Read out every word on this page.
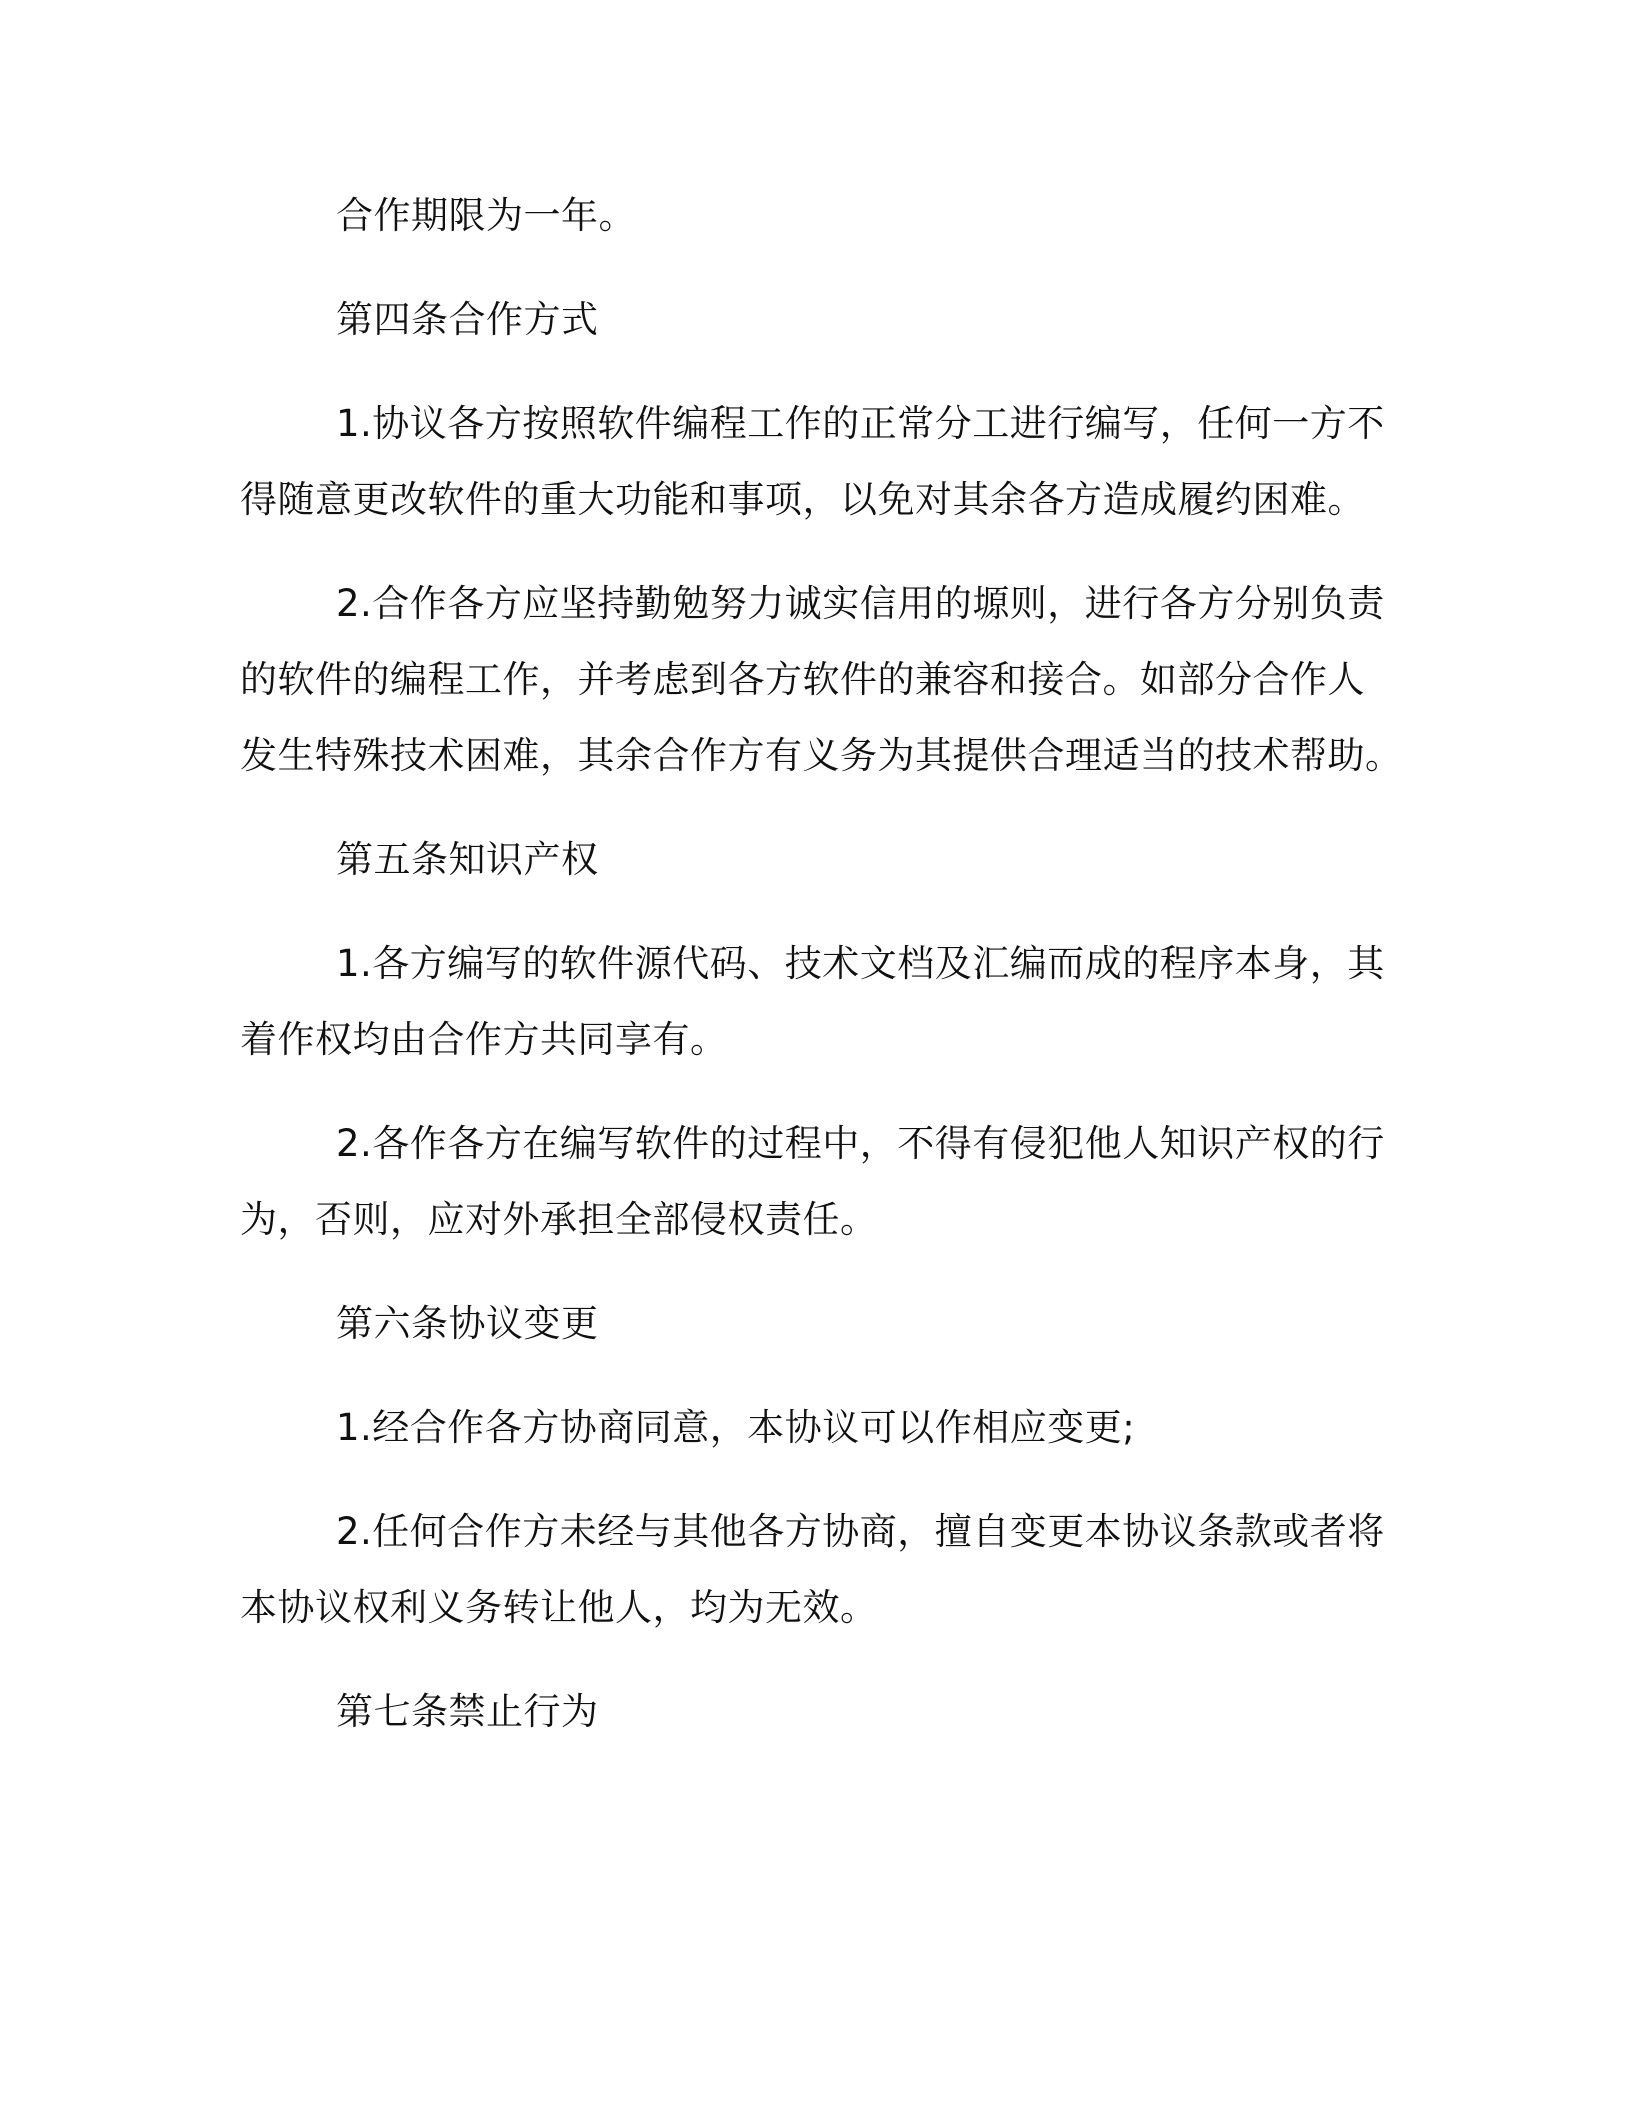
合作期限为一年。
第四条合作方式
1.协议各方按照软件编程工作的正常分工进行编写，任何一方不
得随意更改软件的重大功能和事项，以免对其余各方造成履约困难。
2.合作各方应坚持勤勉努力诚实信用的塬则，进行各方分别负责
的软件的编程工作，并考虑到各方软件的兼容和接合。如部分合作人
发生特殊技术困难，其余合作方有义务为其提供合理适当的技术帮助。
第五条知识产权
1.各方编写的软件源代码、技术文档及汇编而成的程序本身，其
着作权均由合作方共同享有。
2.各作各方在编写软件的过程中，不得有侵犯他人知识产权的行
为，否则，应对外承担全部侵权责任。
第六条协议变更
1.经合作各方协商同意，本协议可以作相应变更;
2.任何合作方未经与其他各方协商，擅自变更本协议条款或者将
本协议权利义务转让他人，均为无效。
第七条禁止行为
